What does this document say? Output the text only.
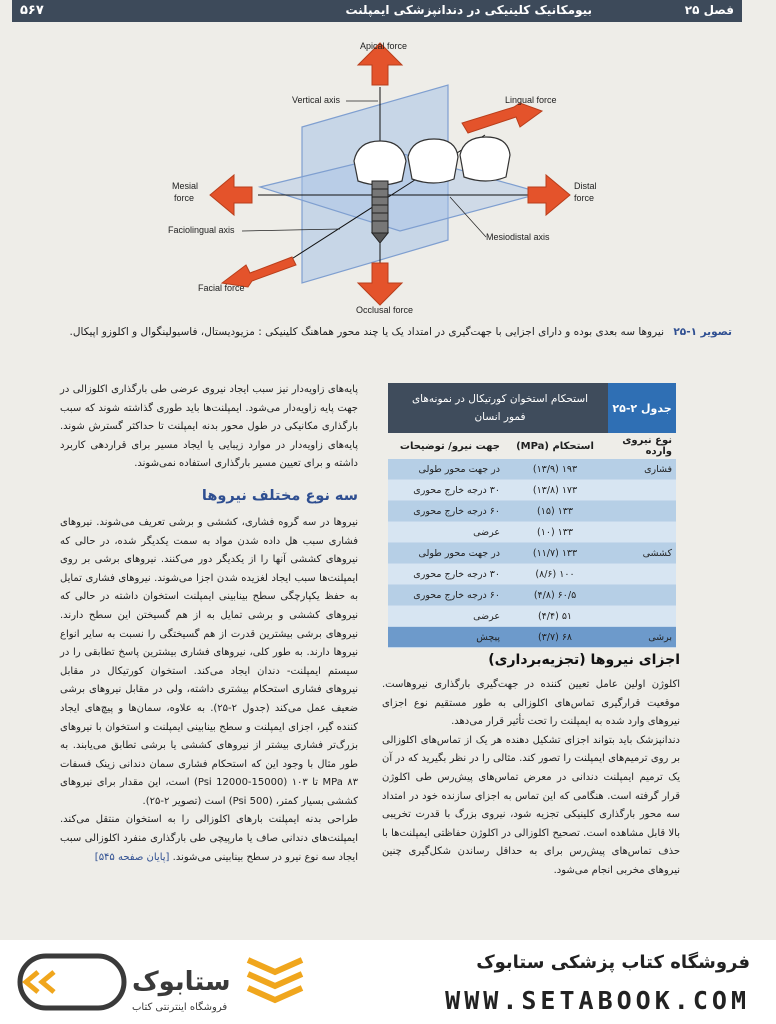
فصل ۲۵
بیومکانیک کلینیکی در دندانپزشکی ایمپلنت
۵۶۷
Apical force
Vertical axis	Lingual force
Mesial
force
Distal
force
Faciolingual axis
Mesiodistal axis
Facial force
Occlusal force
تصویر ۱-۲۵ نیروها سه بعدی بوده و دارای اجزایی با جهت‌گیری در امتداد یک یا چند محور هماهنگ کلینیکی : مزیودیستال، فاسیولینگوال و اکلوزو اپیکال.
جدول ۲-۲۵
استحکام استخوان کورتیکال در نمونه‌های فمور انسان
نوع نیروی وارده
استحکام (MPa)
جهت نیرو/ توضیحات
فشاری
۱۹۳ (۱۳/۹)
در جهت محور طولی
۱۷۳ (۱۳/۸)
۳۰ درجه خارج محوری
۱۳۳ (۱۵)
۶۰ درجه خارج محوری
۱۳۳ (۱۰)
عرضی
کششی
۱۳۳ (۱۱/۷)
در جهت محور طولی
۱۰۰ (۸/۶)
۳۰ درجه خارج محوری
۶۰/۵ (۴/۸)
۶۰ درجه خارج محوری
۵۱ (۴/۴)
عرضی
برشی
۶۸ (۳/۷)
پیچش
اجزای نیروها (تجزیه‌برداری)

اکلوژن اولین عامل تعیین کننده در جهت‌گیری بارگذاری نیروهاست. موقعیت قرارگیری تماس‌های اکلوزالی به طور مستقیم نوع اجزای نیروهای وارد شده به ایمپلنت را تحت تأثیر قرار می‌دهد.

دندانپزشک باید بتواند اجزای تشکیل دهنده هر یک از تماس‌های اکلوزالی بر روی ترمیم‌های ایمپلنت را تصور کند. مثالی را در نظر بگیرید که در آن یک ترمیم ایمپلنت دندانی در معرض تماس‌های پیش‌رس طی اکلوژن قرار گرفته است. هنگامی که این تماس به اجزای سازنده خود در امتداد سه محور بارگذاری کلینیکی تجزیه شود، نیروی بزرگ با قدرت تخریبی بالا قابل مشاهده است. تصحیح اکلوزالی در اکلوژن حفاظتی ایمپلنت‌ها با حذف تماس‌های پیش‌رس برای به حداقل رساندن شکل‌گیری چنین نیروهای مخربی انجام می‌شود.

پایه‌های زاویه‌دار نیز سبب ایجاد نیروی عرضی طی بارگذاری اکلوزالی در جهت پایه زاویه‌دار می‌شود. ایمپلنت‌ها باید طوری گذاشته شوند که سبب بارگذاری مکانیکی در طول محور بدنه ایمپلنت تا حداکثر گسترش شوند. پایه‌های زاویه‌دار در موارد زیبایی یا ایجاد مسیر برای قراردهی کاربرد داشته و برای تعیین مسیر بارگذاری استفاده نمی‌شوند.

سه نوع مختلف نیروها

نیروها در سه گروه فشاری، کششی و برشی تعریف می‌شوند. نیروهای فشاری سبب هل داده شدن مواد به سمت یکدیگر شده، در حالی که نیروهای کششی آنها را از یکدیگر دور می‌کنند. نیروهای برشی بر روی ایمپلنت‌ها سبب ایجاد لغزیده شدن اجزا می‌شوند. نیروهای فشاری تمایل به حفظ یکپارچگی سطح بینابینی ایمپلنت استخوان داشته در حالی که نیروهای کششی و برشی تمایل به از هم گسیختن این سطح دارند. نیروهای برشی بیشترین قدرت از هم گسیختگی را نسبت به سایر انواع نیروها دارند. به طور کلی، نیروهای فشاری بیشترین پاسخ تطابقی را در سیستم ایمپلنت- دندان ایجاد می‌کند. استخوان کورتیکال در مقابل نیروهای فشاری استحکام بیشتری داشته، ولی در مقابل نیروهای برشی ضعیف عمل می‌کند (جدول ۲-۲۵). به علاوه، سمان‌ها و پیچ‌های ایجاد کننده گیر، اجزای ایمپلنت و سطح بینابینی ایمپلنت و استخوان با نیروهای بزرگ‌تر فشاری بیشتر از نیروهای کششی یا برشی تطابق می‌یابند. به طور مثال با وجود این که استحکام فشاری سمان دندانی زینک فسفات MPa ۸۳ تا ۱۰۳ (Psi 12000-15000) است، این مقدار برای نیروهای کششی بسیار کمتر، (Psi 500) است (تصویر ۲-۲۵).

طراحی بدنه ایمپلنت بارهای اکلوزالی را به استخوان منتقل می‌کند. ایمپلنت‌های دندانی صاف یا مارپیچی طی بارگذاری منفرد اکلوزالی سبب ایجاد سه نوع نیرو در سطح بینابینی می‌شوند. [پایان صفحه ۵۴۵]

ستابوک
فروشگاه اینترنتی کتاب
فروشگاه کتاب پزشکی ستابوک
WWW.SETABOOK.COM
